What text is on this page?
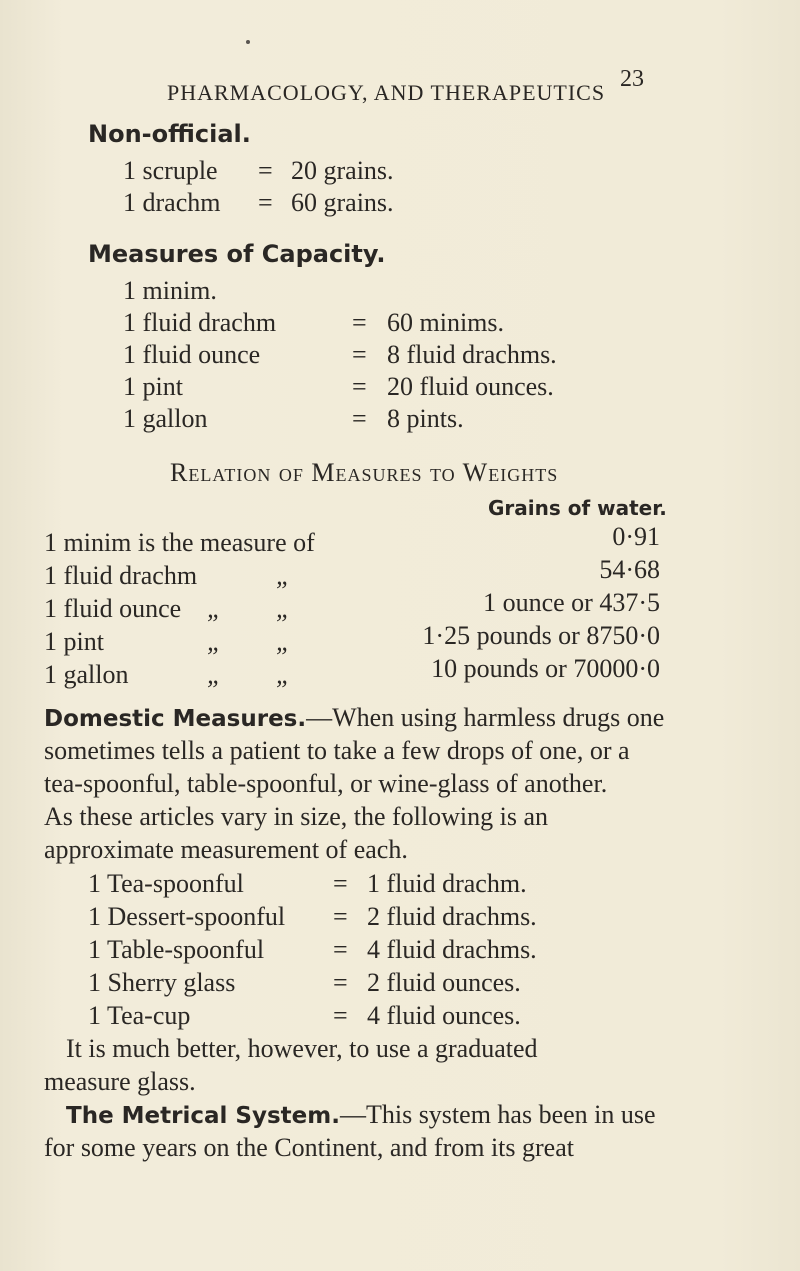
PHARMACOLOGY, AND THERAPEUTICS
23
Non-official.
1 scruple = 20 grains.
1 drachm = 60 grains.
Measures of Capacity.
1 minim.
1 fluid drachm	= 60 minims.
1 fluid ounce	= 8 fluid drachms.
1 pint	= 20 fluid ounces.
1 gallon	= 8 pints.
Relation of Measures to Weights
Grains of water.
1 minim is the measure of	0·91
1 fluid drachm	„	54·68
1 fluid ounce „ „	1 ounce or 437·5
1 pint	„ „	1·25 pounds or 8750·0
1 gallon	„ „	10 pounds or 70000·0
Domestic Measures.—When using harmless drugs one
sometimes tells a patient to take a few drops of one, or a
tea-spoonful, table-spoonful, or wine-glass of another.
As these articles vary in size, the following is an
approximate measurement of each.
1 Tea-spoonful	= 1 fluid drachm.
1 Dessert-spoonful = 2 fluid drachms.
1 Table-spoonful	= 4 fluid drachms.
1 Sherry glass	= 2 fluid ounces.
1 Tea-cup	= 4 fluid ounces.
It is much better, however, to use a graduated
measure glass.
The Metrical System.—This system has been in use
for some years on the Continent, and from its great
